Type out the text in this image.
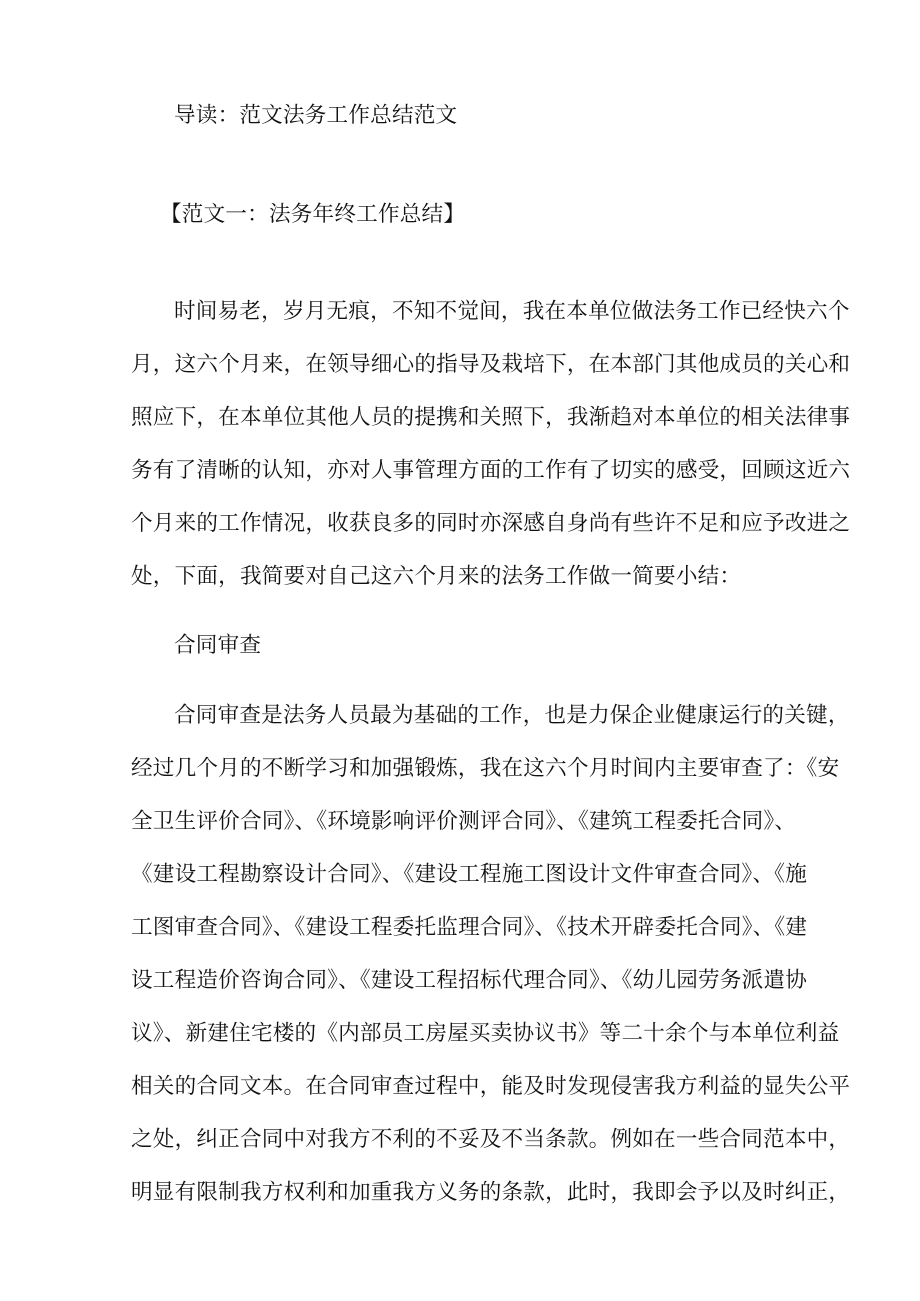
导读：范文法务工作总结范文
【范文一：法务年终工作总结】
时间易老，岁月无痕，不知不觉间，我在本单位做法务工作已经快六个
月，这六个月来，在领导细心的指导及栽培下，在本部门其他成员的关心和
照应下，在本单位其他人员的提携和关照下，我渐趋对本单位的相关法律事
务有了清晰的认知，亦对人事管理方面的工作有了切实的感受，回顾这近六
个月来的工作情况，收获良多的同时亦深感自身尚有些许不足和应予改进之
处，下面，我简要对自己这六个月来的法务工作做一简要小结：
合同审查
合同审查是法务人员最为基础的工作，也是力保企业健康运行的关键，
经过几个月的不断学习和加强锻炼，我在这六个月时间内主要审查了：《安
全卫生评价合同》、《环境影响评价测评合同》、《建筑工程委托合同》、
《建设工程勘察设计合同》、《建设工程施工图设计文件审查合同》、《施
工图审查合同》、《建设工程委托监理合同》、《技术开辟委托合同》、《建
设工程造价咨询合同》、《建设工程招标代理合同》、《幼儿园劳务派遣协
议》、新建住宅楼的《内部员工房屋买卖协议书》等二十余个与本单位利益
相关的合同文本。在合同审查过程中，能及时发现侵害我方利益的显失公平
之处，纠正合同中对我方不利的不妥及不当条款。例如在一些合同范本中，
明显有限制我方权利和加重我方义务的条款，此时，我即会予以及时纠正，
